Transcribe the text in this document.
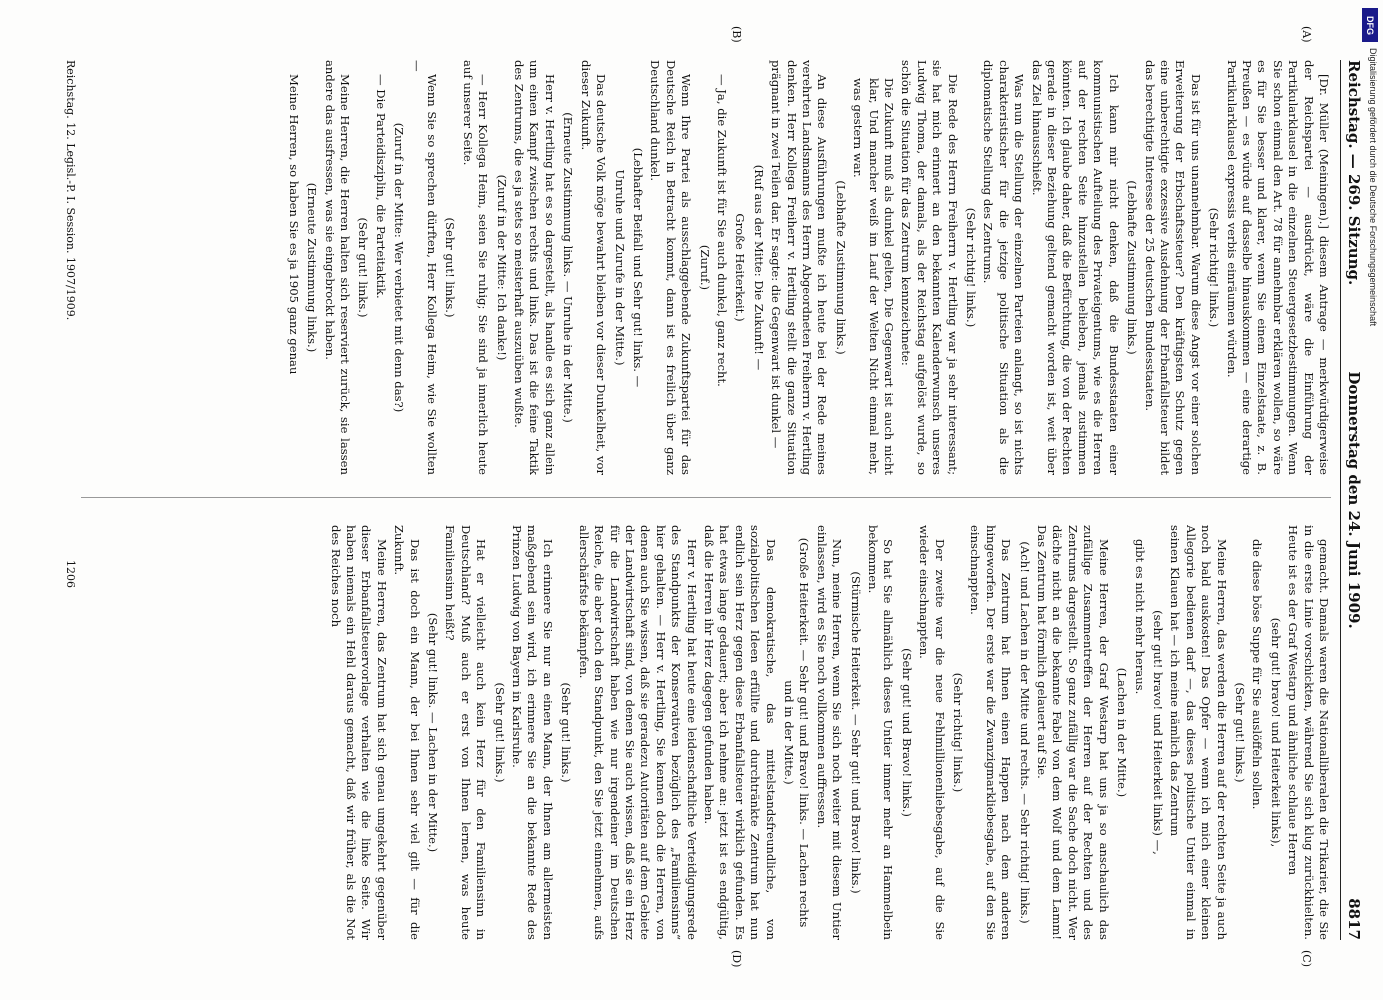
Reichstag. — 269. Sitzung.
Donnerstag den 24. Juni 1909.
8817
(A)
(B)
(C)
(D)

[Dr. Müller (Meiningen).] diesem Antrage — merkwürdigerweise der Reichspartei — ausdrückt, wäre die Einführung der Partikularklausel in die einzelnen Steuergesetzbestimmungen. Wenn Sie schon einmal den Art. 78 für annehmbar erklären wollen, so wäre es für Sie besser und klarer, wenn Sie einem Einzelstaate, z. B. Preußen — es würde auf dasselbe hinauskommen — eine derartige Partikularklausel expressis verbis einräumen würden.

(Sehr richtig! links.)

Das ist für uns unannehmbar. Warum diese Angst vor einer solchen Erweiterung der Erbschaftssteuer? Den kräftigsten Schutz gegen eine unberechtigte exzessive Ausdehnung der Erbanfallsteuer bildet das berechtigte Interesse der 25 deutschen Bundesstaaten.

(Lebhafte Zustimmung links.)

Ich kann mir nicht denken, daß die Bundesstaaten einer kommunistischen Aufteilung des Privateigentums, wie es die Herren auf der rechten Seite hinzustellen belieben, jemals zustimmen könnten. Ich glaube daher, daß die Befürchtung, die von der Rechten gerade in dieser Beziehung geltend gemacht worden ist, weit über das Ziel hinausschießt.

Was nun die Stellung der einzelnen Parteien anlangt, so ist nichts charakteristischer für die jetzige politische Situation als die diplomatische Stellung des Zentrums.

(Sehr richtig! links.)

Die Rede des Herrn Freiherrn v. Hertling war ja sehr interessant; sie hat mich erinnert an den bekannten Kalenderwunsch unseres Ludwig Thoma, der damals, als der Reichstag aufgelöst wurde, so schön die Situation für das Zentrum kennzeichnete:

Die Zukunft muß als dunkel gelten, Die Gegenwart ist auch nicht klar, Und mancher weiß im Lauf der Welten Nicht einmal mehr, was gestern war.

(Lebhafte Zustimmung links.)

An diese Ausführungen mußte ich heute bei der Rede meines verehrten Landsmanns des Herrn Abgeordneten Freiherrn v. Hertling denken. Herr Kollega Freiherr v. Hertling stellt die ganze Situation prägnant in zwei Teilen dar. Er sagte: die Gegenwart ist dunkel —

(Ruf aus der Mitte: Die Zukunft! —

Große Heiterkeit.)

— Ja, die Zukunft ist für Sie auch dunkel, ganz recht.

(Zuruf.)

Wenn Ihre Partei als ausschlaggebende Zukunftspartei für das Deutsche Reich in Betracht kommt, dann ist es freilich über ganz Deutschland dunkel.

(Lebhafter Beifall und Sehr gut! links. —

Unruhe und Zurufe in der Mitte.)

Das deutsche Volk möge bewahrt bleiben vor dieser Dunkelheit, vor dieser Zukunft.

(Erneute Zustimmung links. — Unruhe in der Mitte.)

Herr v. Hertling hat es so dargestellt, als handle es sich ganz allein um einen Kampf zwischen rechts und links. Das ist die feine Taktik des Zentrums, die es ja stets so meisterhaft auszuüben wußte.

(Zuruf in der Mitte: Ich danke!)

— Herr Kollega Heim, seien Sie ruhig; Sie sind ja innerlich heute auf unserer Seite.

(Sehr gut! links.)

Wenn Sie so sprechen dürften, Herr Kollega Heim, wie Sie wollten —

(Zuruf in der Mitte: Wer verbietet mit denn das?)

— Die Parteidisziplin, die Parteitaktik.

(Sehr gut! links.)

Meine Herren, die Herren halten sich reserviert zurück, sie lassen andere das ausfressen, was sie eingebrockt haben.

(Erneute Zustimmung links.)

Meine Herren, so haben Sie es ja 1905 ganz genau

gemacht. Damals waren die Nationalliberalen die Trikarier, die Sie in die erste Linie vorschickten, während Sie sich klug zurückhielten. Heute ist es der Graf Westarp und ähnliche schlaue Herren

(sehr gut! bravo! und Heiterkeit links),

die diese böse Suppe für Sie auslöffeln sollen.

(Sehr gut! links.)

Meine Herren, das werden die Herren auf der rechten Seite ja auch noch bald auskosten! Das Opfer — wenn ich mich einer kleinen Allegorie bedienen darf —, das dieses politische Untier einmal in seinen Klauen hat — ich meine nämlich das Zentrum

(sehr gut! bravo! und Heiterkeit links) —,

gibt es nicht mehr heraus.

(Lachen in der Mitte.)

Meine Herren, der Graf Westarp hat uns ja so anschaulich das zufällige Zusammentreffen der Herren auf der Rechten und des Zentrums dargestellt. So ganz zufällig war die Sache doch nicht. Wer dächte nicht an die bekannte Fabel von dem Wolf und dem Lamm! Das Zentrum hat förmlich gelauert auf Sie.

(Ach! und Lachen in der Mitte und rechts. — Sehr richtig! links.)

Das Zentrum hat Ihnen einen Happen nach dem anderen hingeworfen. Der erste war die Zwanzigmarkliebesgabe, auf den Sie einschnappten.

(Sehr richtig! links.)

Der zweite war die neue Fehlmillionenliebesgabe, auf die Sie wieder einschnappten.

(Sehr gut! und Bravo! links.)

So hat Sie allmählich dieses Untier immer mehr an Hammelbein bekommen.

(Stürmische Heiterkeit. — Sehr gut! und Bravo! links.)

Nun, meine Herren, wenn Sie sich noch weiter mit diesem Untier einlassen, wird es Sie noch vollkommen auffressen.

(Große Heiterkeit. — Sehr gut! und Bravo! links. — Lachen rechts und in der Mitte.)

Das demokratische, das mittelstandsfreundliche, von sozialpolitischen Ideen erfüllte und durchtränkte Zentrum hat nun endlich sein Herz gegen diese Erbanfallsteuer wirklich gefunden. Es hat etwas lange gedauert; aber ich nehme an: jetzt ist es endgültig, daß die Herren ihr Herz dagegen gefunden haben.

Herr v. Hertling hat heute eine leidenschaftliche Verteidigungsrede des Standpunkts der Konservativen bezüglich des „Familiensinns“ hier gehalten. — Herr v. Hertling, Sie kennen doch die Herren, von denen auch Sie wissen, daß sie geradezu Autoritäten auf dem Gebiete der Landwirtschaft sind, von denen Sie auch wissen, daß sie ein Herz für die Landwirtschaft haben wie nur irgendeiner im Deutschen Reiche, die aber doch den Standpunkt, den Sie jetzt einnehmen, aufs allerschärfste bekämpfen.

(Sehr gut! links.)

Ich erinnere Sie nur an einen Mann, der Ihnen am allermeisten maßgebend sein wird, ich erinnere Sie an die bekannte Rede des Prinzen Ludwig von Bayern in Karlsruhe.

(Sehr gut! links.)

Hat er vielleicht auch kein Herz für den Familiensinn in Deutschland? Muß auch er erst von Ihnen lernen, was heute Familiensinn heißt?

(Sehr gut! links. — Lachen in der Mitte.)

Das ist doch ein Mann, der bei Ihnen sehr viel gilt — für die Zukunft.

Meine Herren, das Zentrum hat sich genau umgekehrt gegenüber dieser Erbanfallsteuervorlage verhalten wie die linke Seite. Wir haben niemals ein Hehl daraus gemacht, daß wir früher, als die Not des Reiches noch

Reichstag. 12. Legisl.-P. I. Session. 1907/1909.
1206
DFG
Digitalisierung gefördert durch die Deutsche Forschungsgemeinschaft
